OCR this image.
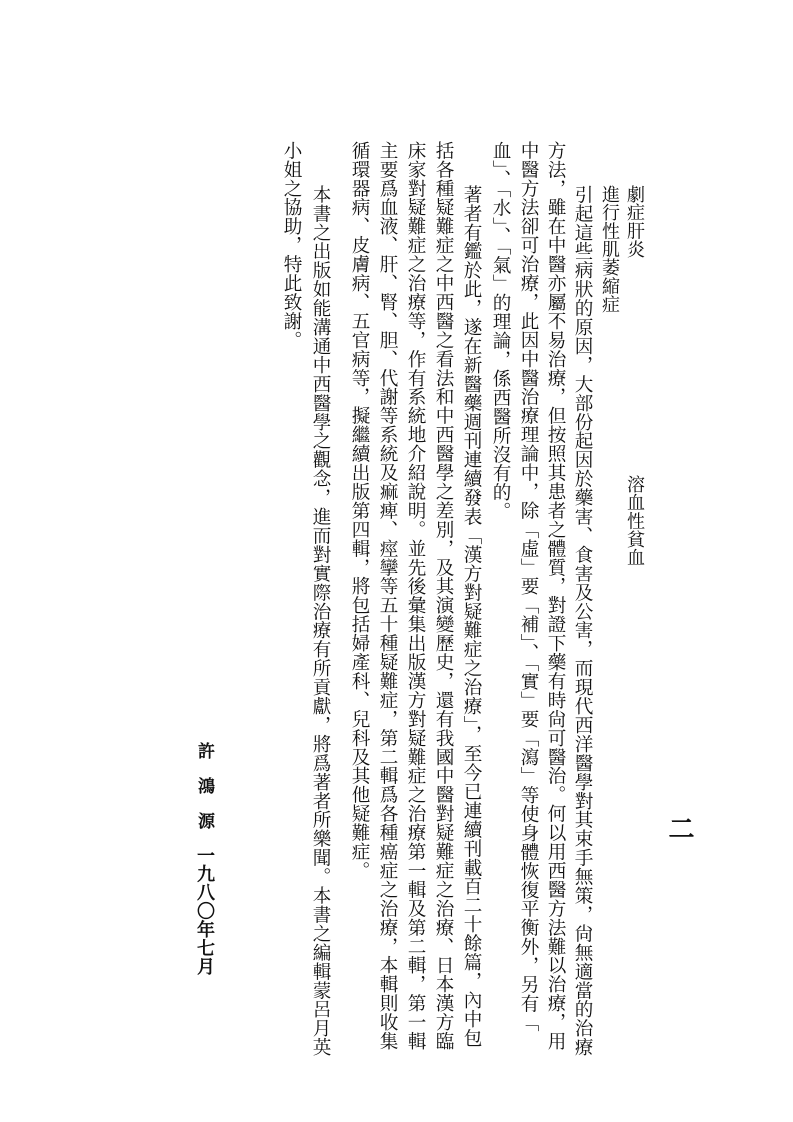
二
劇症肝炎
溶血性貧血
進行性肌萎縮症
引起這些病狀的原因，大部份起因於藥害、食害及公害，而現代西洋醫學對其束手無策，尙無適當的治療
方法，雖在中醫亦屬不易治療，但按照其患者之體質，對證下藥有時尙可醫治。何以用西醫方法難以治療，用
中醫方法卻可治療，此因中醫治療理論中，除「虛」要「補」、「實」要「瀉」等使身體恢復平衡外，另有「
血」、「水」、「氣」的理論，係西醫所沒有的。
著者有鑑於此，遂在新醫藥週刊連續發表「漢方對疑難症之治療」，至今已連續刊載百二十餘篇，內中包
括各種疑難症之中西醫之看法和中西醫學之差別，及其演變歷史，還有我國中醫對疑難症之治療、日本漢方臨
床家對疑難症之治療等，作有系統地介紹說明。並先後彙集出版漢方對疑難症之治療第一輯及第二輯，第一輯
主要爲血液、肝、腎、胆、代謝等系統及痲痺、痙攣等五十種疑難症，第二輯爲各種癌症之治療，本輯則收集
循環器病、皮膚病、五官病等，擬繼續出版第四輯，將包括婦產科、兒科及其他疑難症。
本書之出版如能溝通中西醫學之觀念，進而對實際治療有所貢獻，將爲著者所樂聞。本書之編輯蒙呂月英
小姐之協助，特此致謝。
許鴻源
一九八〇年七月
